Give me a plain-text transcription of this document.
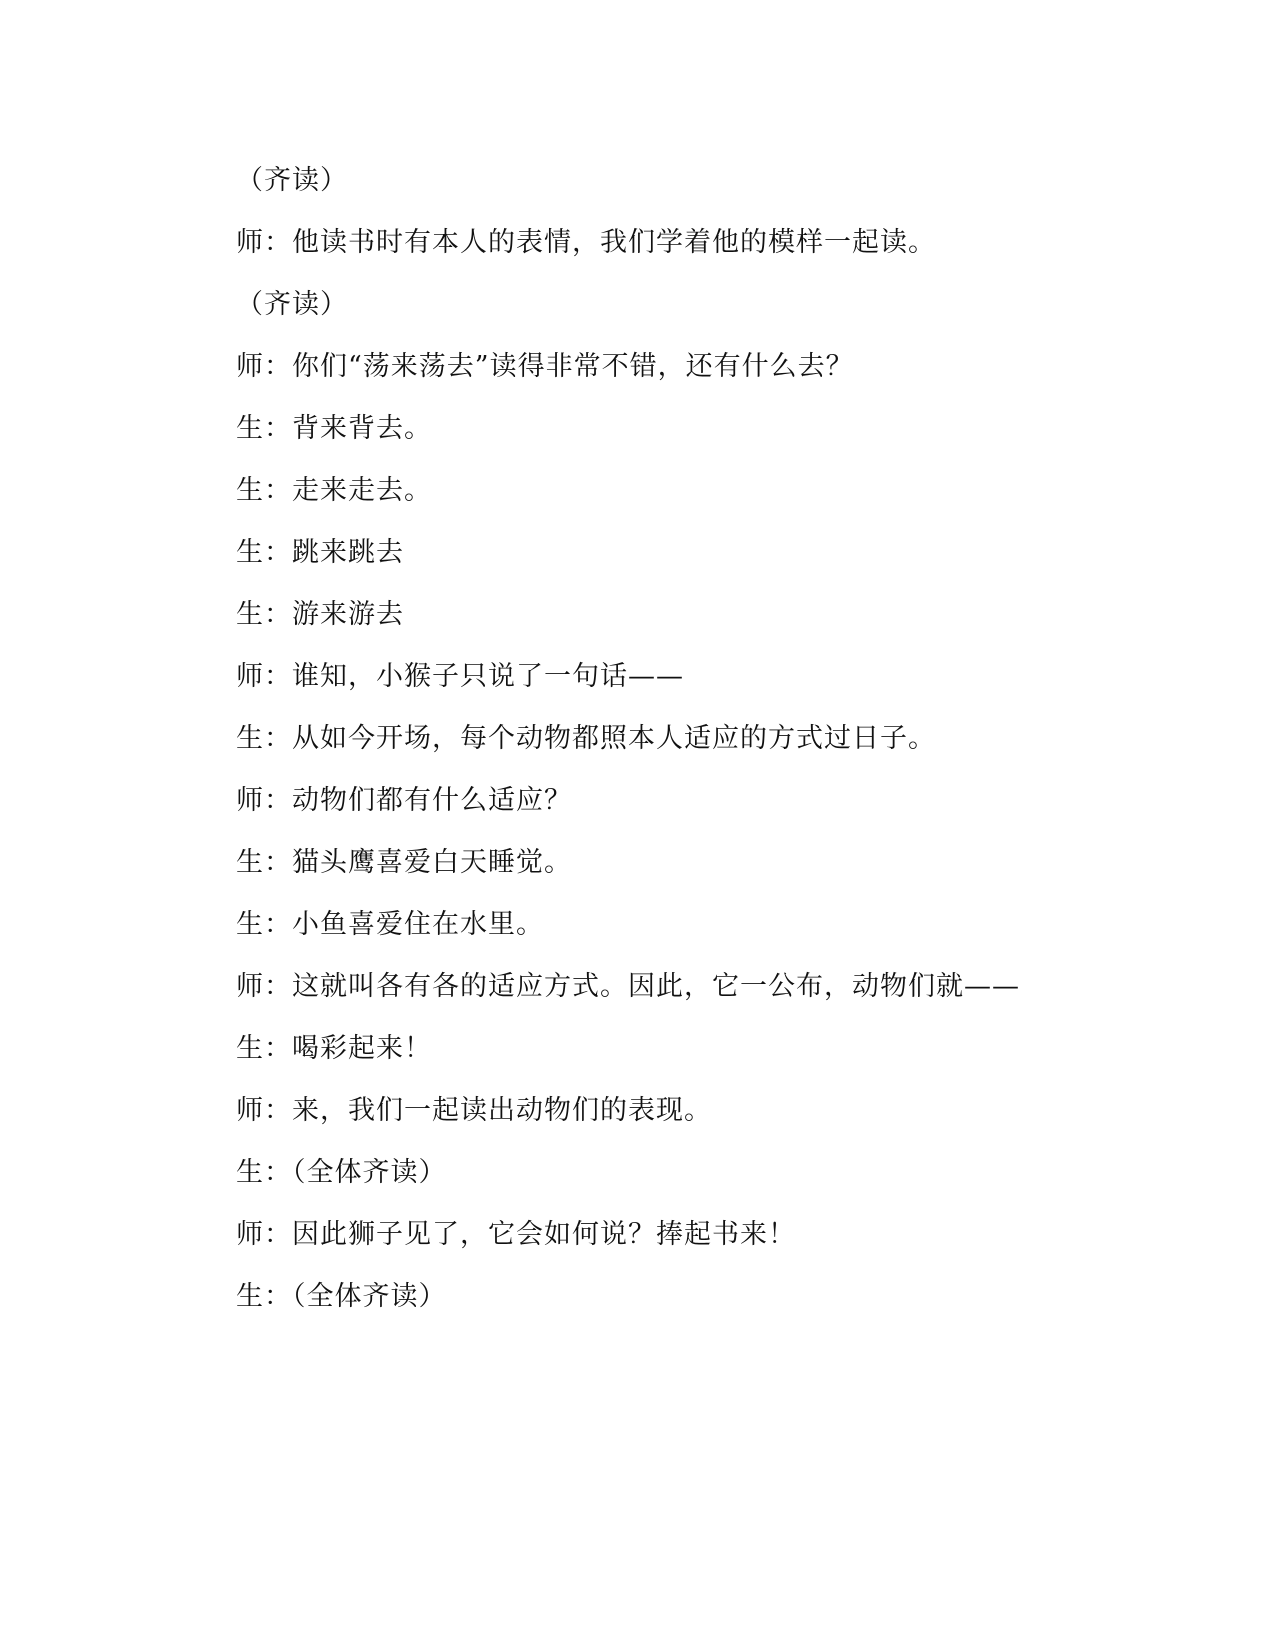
（齐读）
师：他读书时有本人的表情，我们学着他的模样一起读。
（齐读）
师：你们“荡来荡去”读得非常不错，还有什么去？
生：背来背去。
生：走来走去。
生：跳来跳去
生：游来游去
师：谁知，小猴子只说了一句话——
生：从如今开场，每个动物都照本人适应的方式过日子。
师：动物们都有什么适应？
生：猫头鹰喜爱白天睡觉。
生：小鱼喜爱住在水里。
师：这就叫各有各的适应方式。因此，它一公布，动物们就——
生：喝彩起来！
师：来，我们一起读出动物们的表现。
生：（全体齐读）
师：因此狮子见了，它会如何说？捧起书来！
生：（全体齐读）
